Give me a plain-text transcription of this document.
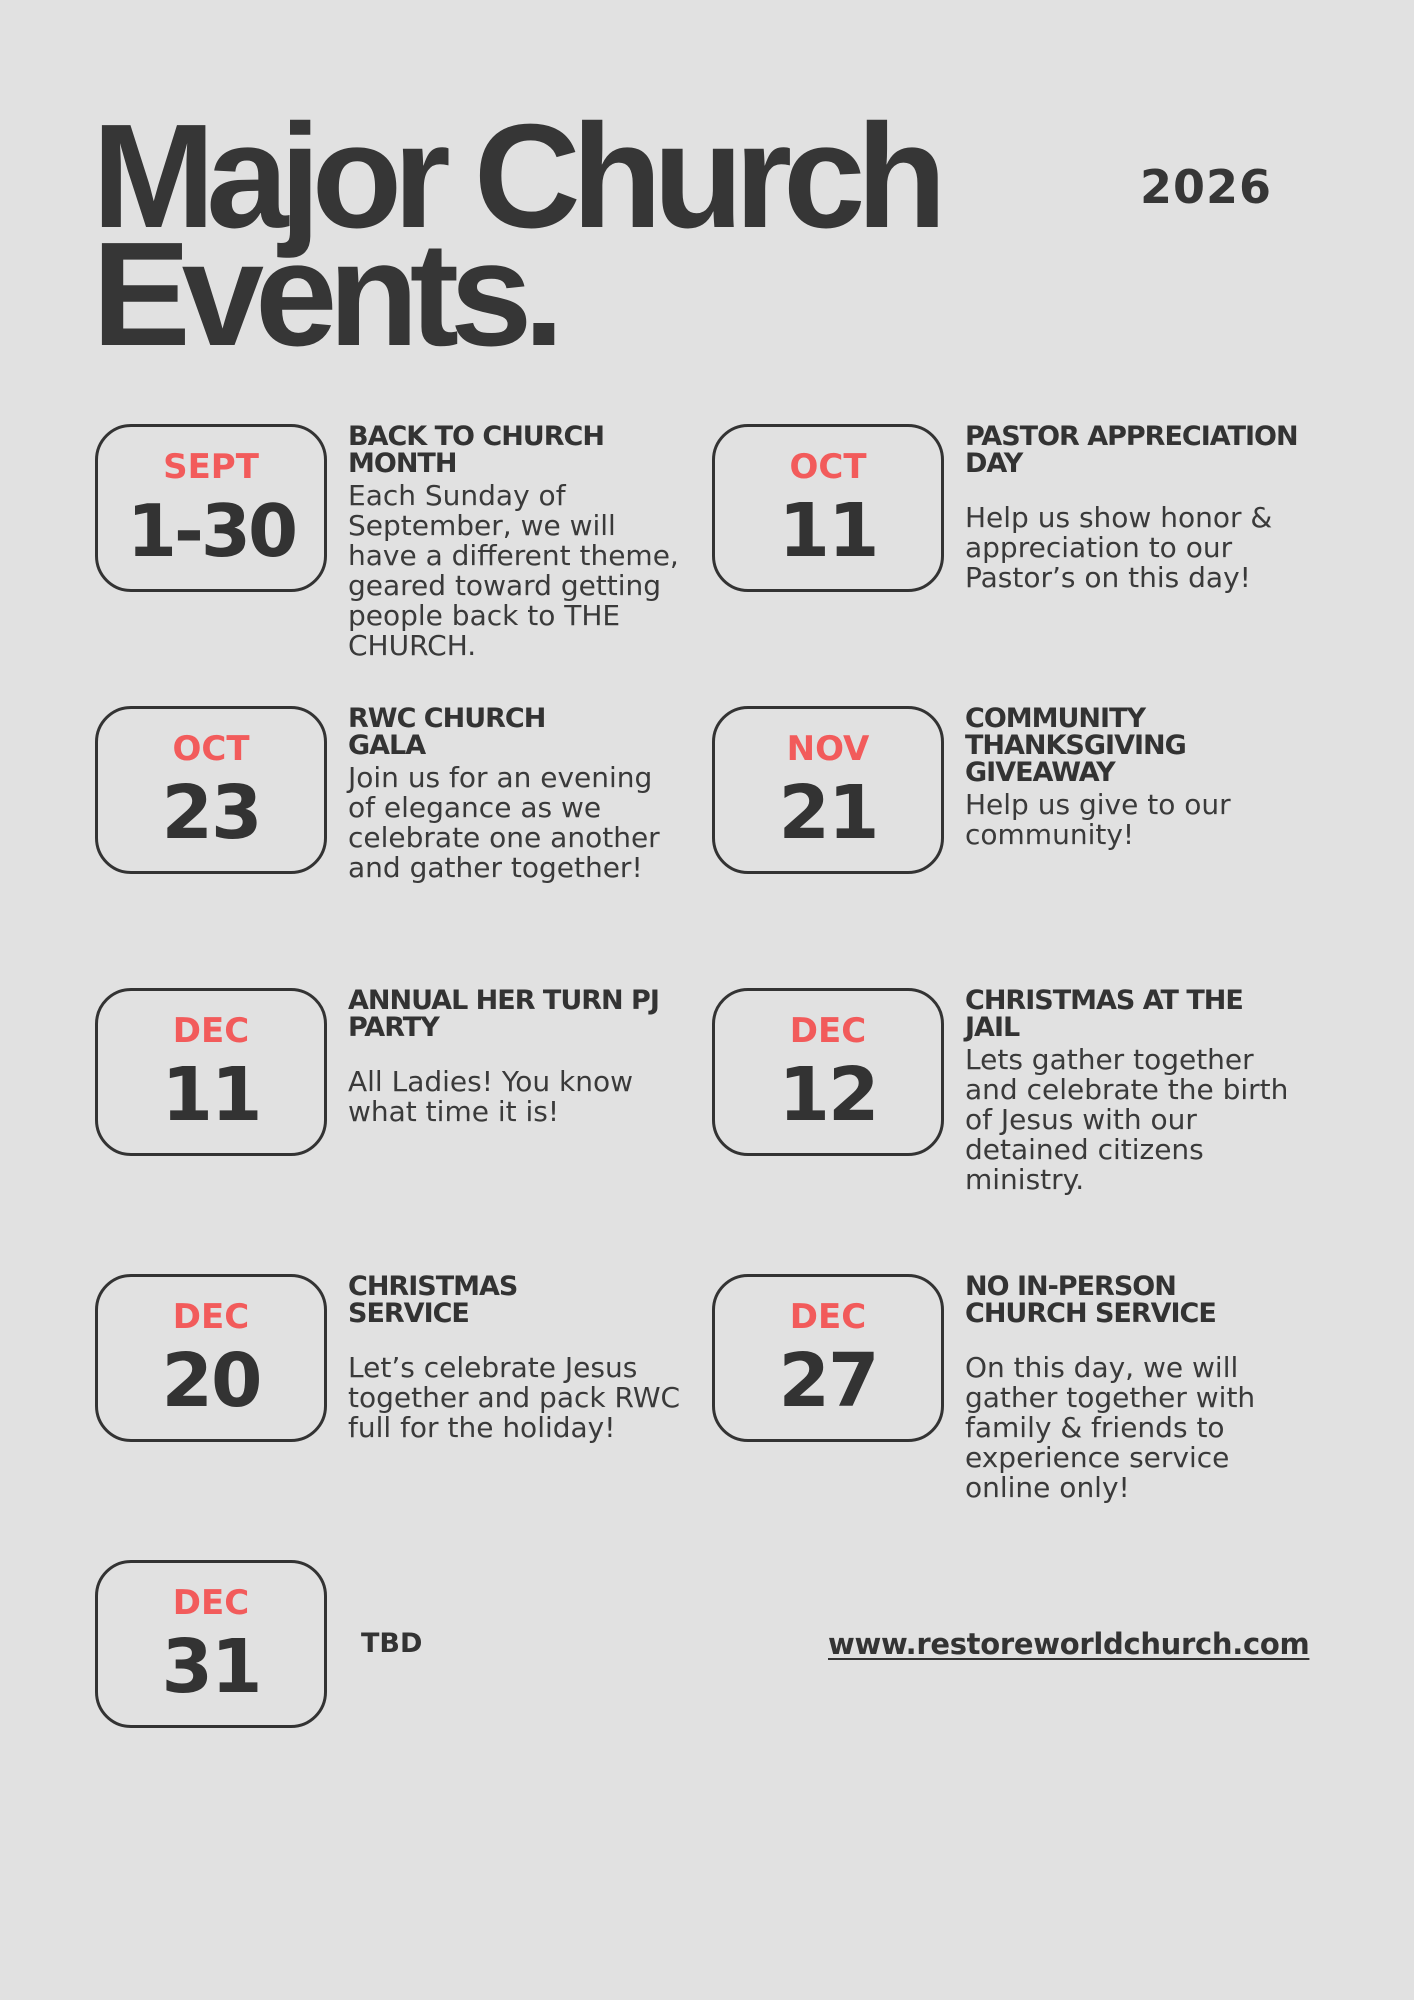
Major Church
Events.
2026
SEPT
1-30
BACK TO CHURCH MONTH
Each Sunday of September, we will have a different theme, geared toward getting people back to THE CHURCH.
OCT
11
PASTOR APPRECIATION DAY
Help us show honor & appreciation to our Pastor’s on this day!
OCT
23
RWC CHURCH GALA
Join us for an evening of elegance as we celebrate one another and gather together!
NOV
21
COMMUNITY THANKSGIVING GIVEAWAY
Help us give to our community!
DEC
11
ANNUAL HER TURN PJ PARTY
All Ladies! You know what time it is!
DEC
12
CHRISTMAS AT THE JAIL
Lets gather together and celebrate the birth of Jesus with our detained citizens ministry.
DEC
20
CHRISTMAS SERVICE
Let’s celebrate Jesus together and pack RWC full for the holiday!
DEC
27
NO IN-PERSON CHURCH SERVICE
On this day, we will gather together with family & friends to experience service online only!
DEC
31	TBD	www.restoreworldchurch.com
